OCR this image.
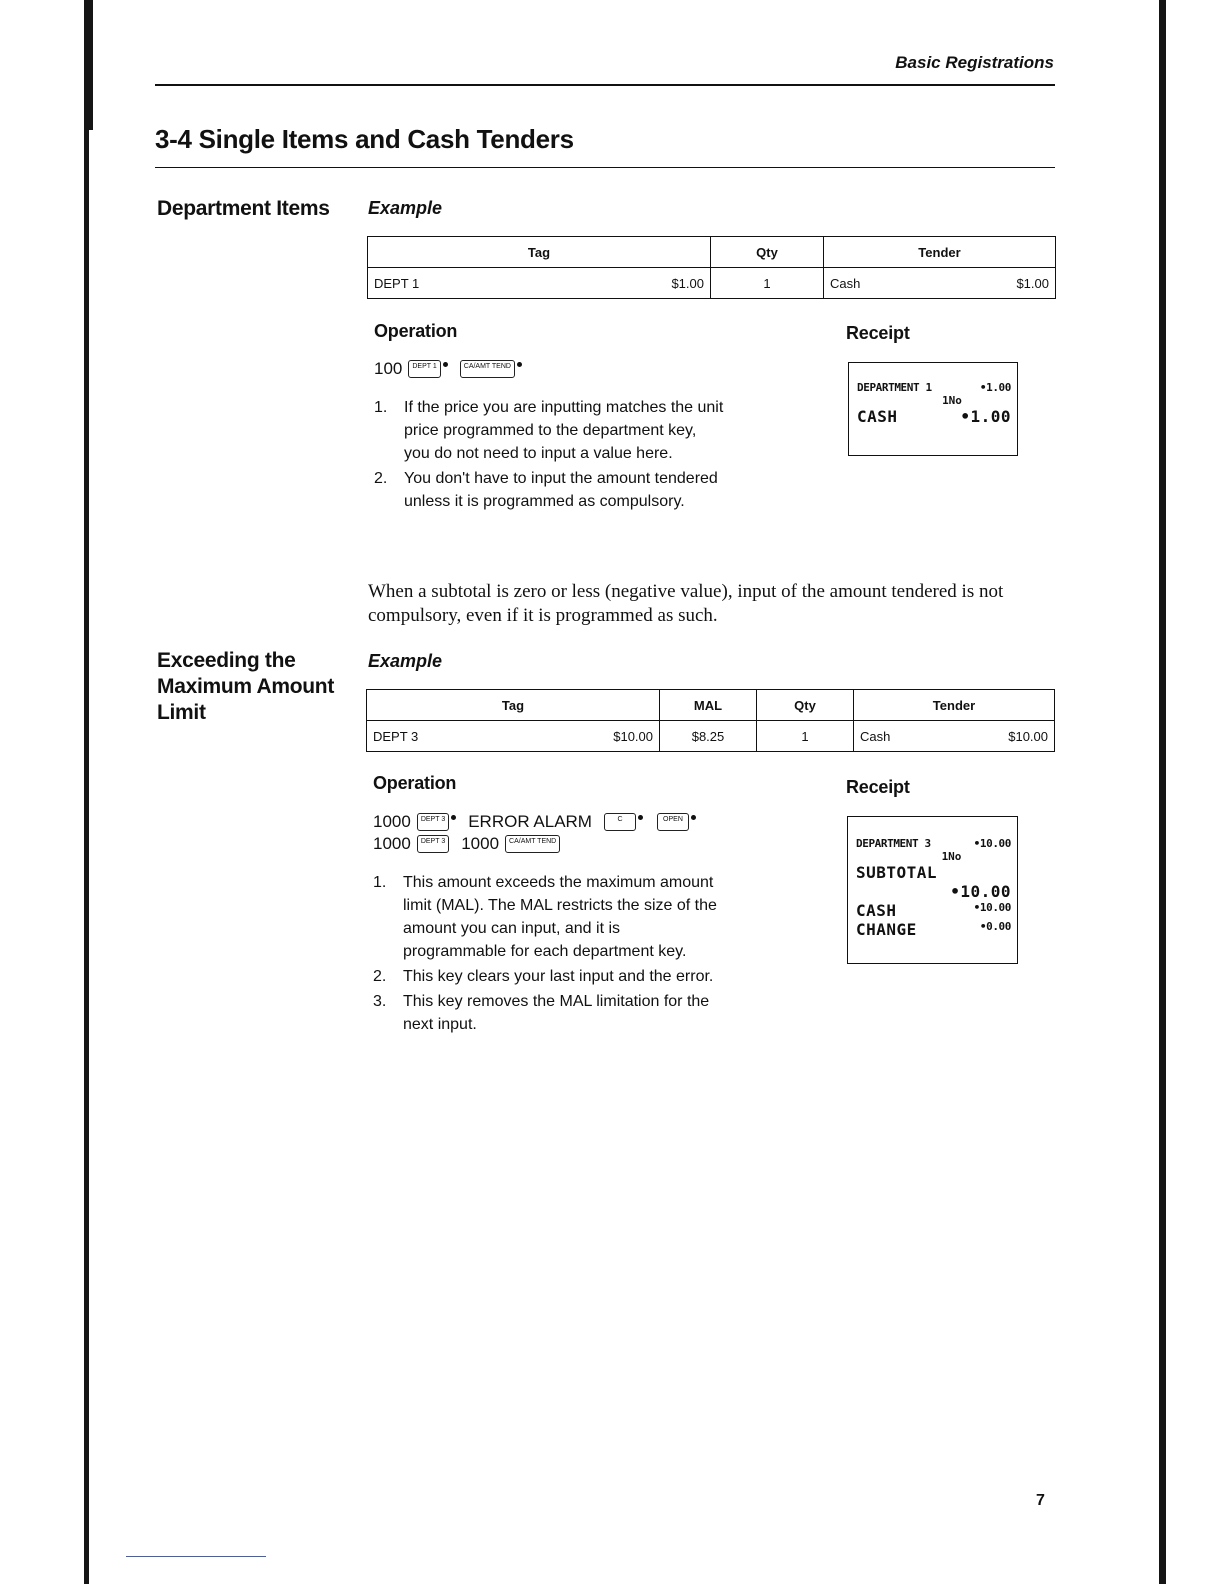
Basic Registrations
3-4 Single Items and Cash Tenders
Department Items Example
Tag	Qty	Tender

DEPT 1 $1.00	1	Cash $1.00
Operation	Receipt
100	DEPT 1	CA/AMT TEND
1.	If the price you are inputting matches the unit price programmed to the department key, you do not need to input a value here.
2.	You don't have to input the amount tendered unless it is programmed as compulsory.
DEPARTMENT 1	•1.00
1No
CASH	•1.00
When a subtotal is zero or less (negative value), input of the amount tendered is not compulsory, even if it is programmed as such.
Exceeding the
Maximum Amount
Limit
Example
Tag	MAL	Qty	Tender

DEPT 3 $10.00	$8.25	1	Cash $10.00
Operation	Receipt
1000	DEPT 3 ERROR ALARM	C	OPEN
1000	DEPT 3 1000	CA/AMT TEND
1.	This amount exceeds the maximum amount limit (MAL). The MAL restricts the size of the amount you can input, and it is programmable for each department key.
2.	This key clears your last input and the error.
3.	This key removes the MAL limitation for the next input.
DEPARTMENT 3	•10.00
1No
SUBTOTAL
•10.00
CASH	•10.00
CHANGE	•0.00
7
